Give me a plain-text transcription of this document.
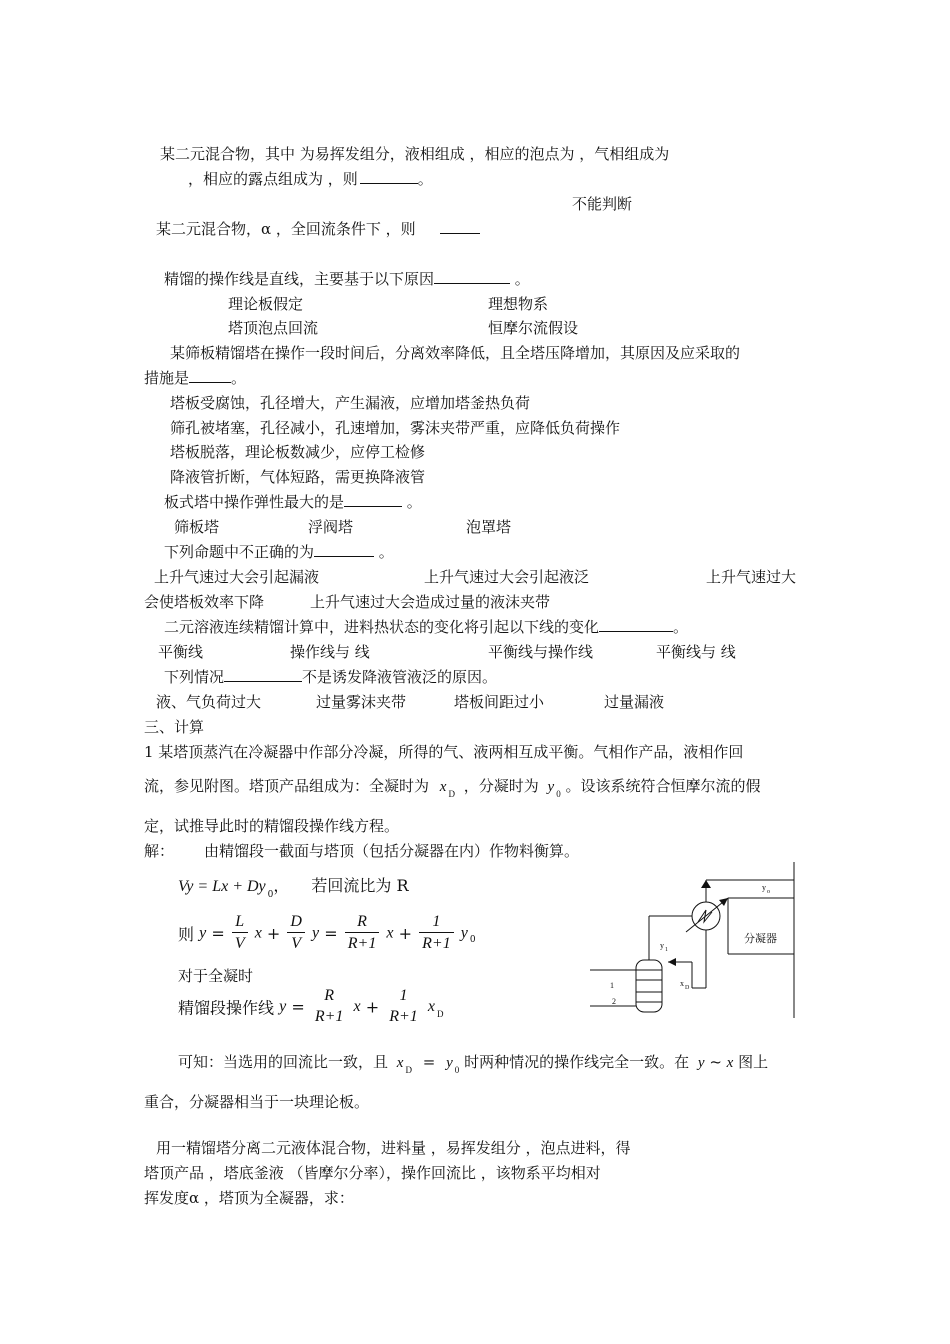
某二元混合物，其中 为易挥发组分，液相组成 ，相应的泡点为 ，气相组成为
，相应的露点组成为 ，则	。
不能判断
某二元混合物，α ，全回流条件下 ，则
精馏的操作线是直线，主要基于以下原因	。
理论板假定	理想物系
塔顶泡点回流	恒摩尔流假设
某筛板精馏塔在操作一段时间后，分离效率降低，且全塔压降增加，其原因及应采取的
措施是	。
塔板受腐蚀，孔径增大，产生漏液，应增加塔釜热负荷
筛孔被堵塞，孔径减小，孔速增加，雾沫夹带严重，应降低负荷操作
塔板脱落，理论板数减少，应停工检修
降液管折断，气体短路，需更换降液管
板式塔中操作弹性最大的是	。
筛板塔	浮阀塔	泡罩塔
下列命题中不正确的为	。
上升气速过大会引起漏液	上升气速过大会引起液泛	上升气速过大
会使塔板效率下降	上升气速过大会造成过量的液沫夹带
二元溶液连续精馏计算中，进料热状态的变化将引起以下线的变化	。
平衡线	操作线与 线	平衡线与操作线	平衡线与 线
下列情况	不是诱发降液管液泛的原因。
液、气负荷过大	过量雾沫夹带	塔板间距过小	过量漏液
三、计算
1 某塔顶蒸汽在冷凝器中作部分冷凝，所得的气、液两相互成平衡。气相作产品，液相作回
流，参见附图。塔顶产品组成为：全凝时为 x $_D$ ，分凝时为 y $_0$ 。设该系统符合恒摩尔流的假
定，试推导此时的精馏段操作线方程。
解： 由精馏段一截面与塔顶（包括分凝器在内）作物料衡算。
Vy = Lx + Dy $_0$， 若回流比为 R
则 $y = \frac{L}{V}$ $x + \frac{D}{V}$ $y = \frac{R}{R+1}$ $x + \frac{1}{R+1}$ y $_0$
对于全凝时
精馏段操作线 y =
R
R+1
x +
1
R+1
x $_D$
可知：当选用的回流比一致，且 x $_D$ = y $_0$ 时两种情况的操作线完全一致。在 y ~ x 图上
重合，分凝器相当于一块理论板。
y o
分凝器
y 1
x D
1
2
用一精馏塔分离二元液体混合物，进料量 ，易挥发组分 ，泡点进料，得
塔顶产品 ，塔底釜液 （皆摩尔分率），操作回流比 ，该物系平均相对
挥发度α ，塔顶为全凝器，求：
